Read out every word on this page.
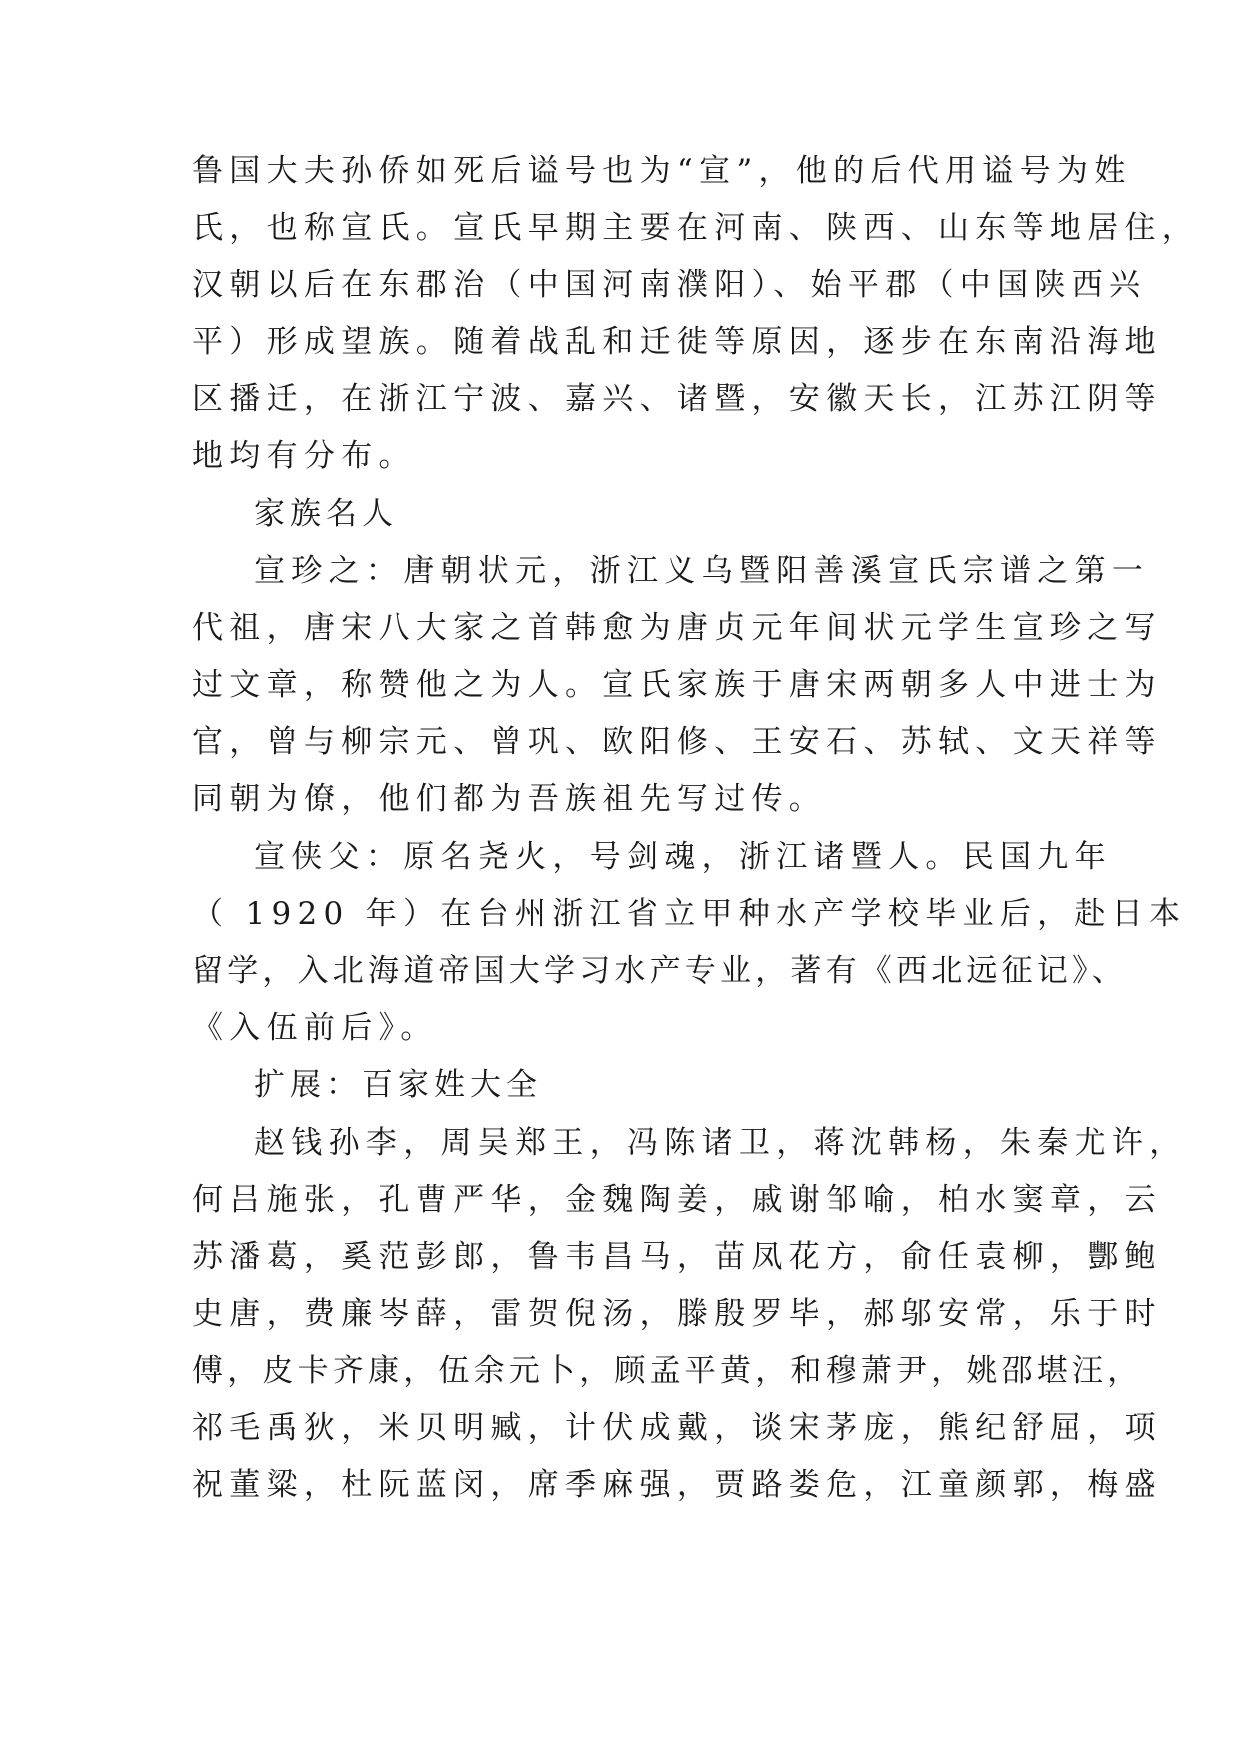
鲁国大夫孙侨如死后谥号也为“宣”，他的后代用谥号为姓
氏，也称宣氏。宣氏早期主要在河南、陕西、山东等地居住，
汉朝以后在东郡治（中国河南濮阳）、始平郡（中国陕西兴
平）形成望族。随着战乱和迁徙等原因，逐步在东南沿海地
区播迁，在浙江宁波、嘉兴、诸暨，安徽天长，江苏江阴等
地均有分布。
家族名人
宣珍之：唐朝状元，浙江义乌暨阳善溪宣氏宗谱之第一
代祖，唐宋八大家之首韩愈为唐贞元年间状元学生宣珍之写
过文章，称赞他之为人。宣氏家族于唐宋两朝多人中进士为
官，曾与柳宗元、曾巩、欧阳修、王安石、苏轼、文天祥等
同朝为僚，他们都为吾族祖先写过传。
宣侠父：原名尧火，号剑魂，浙江诸暨人。民国九年
（ 1920 年）在台州浙江省立甲种水产学校毕业后，赴日本
留学，入北海道帝国大学习水产专业，著有《西北远征记》、
《入伍前后》。
扩展：百家姓大全
赵钱孙李，周吴郑王，冯陈诸卫，蒋沈韩杨，朱秦尤许，
何吕施张，孔曹严华，金魏陶姜，戚谢邹喻，柏水窦章，云
苏潘葛，奚范彭郎，鲁韦昌马，苗凤花方，俞任袁柳，酆鲍
史唐，费廉岑薛，雷贺倪汤，滕殷罗毕，郝邬安常，乐于时
傅，皮卡齐康，伍余元卜，顾孟平黄，和穆萧尹，姚邵堪汪，
祁毛禹狄，米贝明臧，计伏成戴，谈宋茅庞，熊纪舒屈，项
祝董粱，杜阮蓝闵，席季麻强，贾路娄危，江童颜郭，梅盛
